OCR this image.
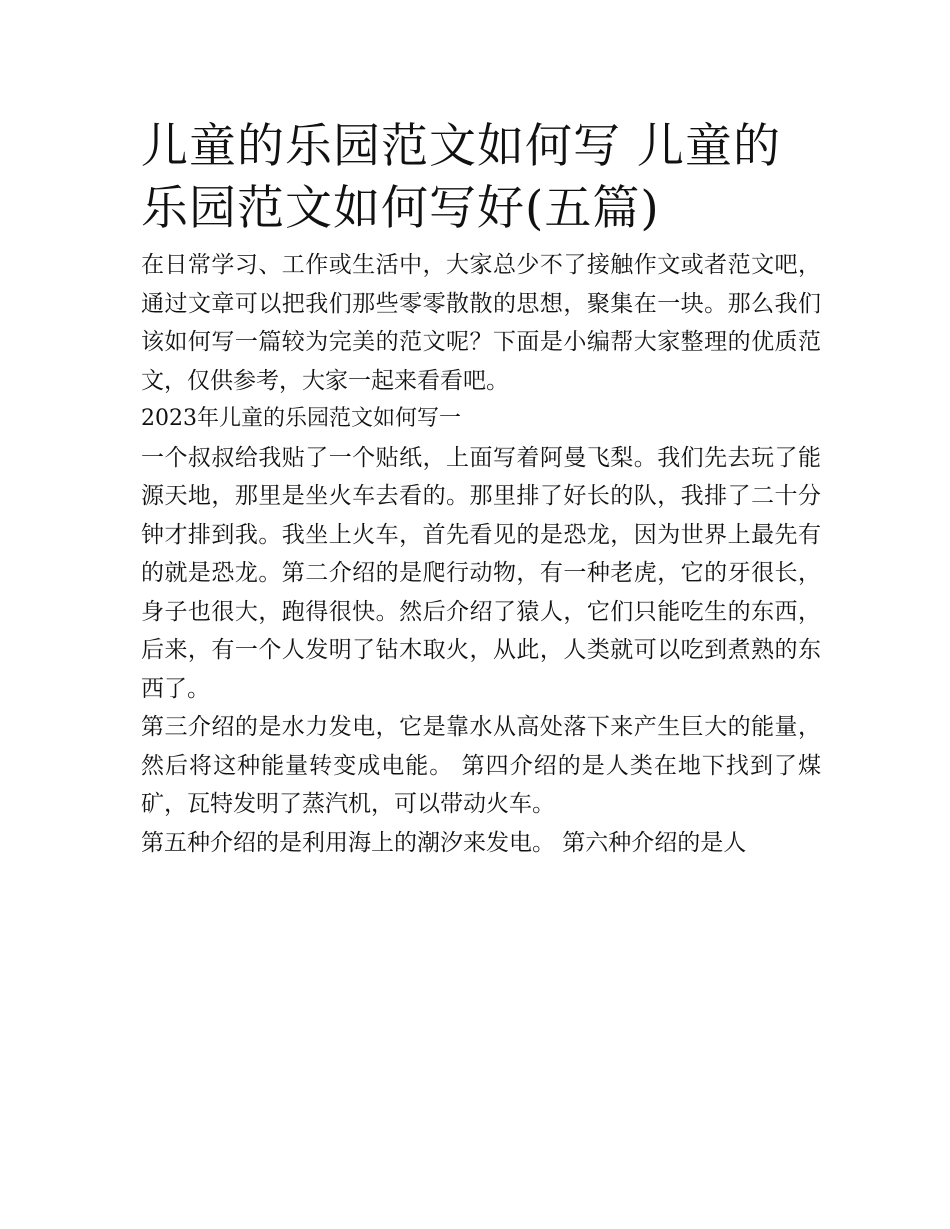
儿童的乐园范文如何写 儿童的乐园范文如何写好(五篇)

在日常学习、工作或生活中，大家总少不了接触作文或者范文吧，通过文章可以把我们那些零零散散的思想，聚集在一块。那么我们该如何写一篇较为完美的范文呢？下面是小编帮大家整理的优质范文，仅供参考，大家一起来看看吧。

2023年儿童的乐园范文如何写一

一个叔叔给我贴了一个贴纸，上面写着阿曼飞梨。我们先去玩了能源天地，那里是坐火车去看的。那里排了好长的队，我排了二十分钟才排到我。我坐上火车，首先看见的是恐龙，因为世界上最先有的就是恐龙。第二介绍的是爬行动物，有一种老虎，它的牙很长，身子也很大，跑得很快。然后介绍了猿人，它们只能吃生的东西，后来，有一个人发明了钻木取火，从此，人类就可以吃到煮熟的东西了。

第三介绍的是水力发电，它是靠水从高处落下来产生巨大的能量，然后将这种能量转变成电能。 第四介绍的是人类在地下找到了煤矿，瓦特发明了蒸汽机，可以带动火车。

第五种介绍的是利用海上的潮汐来发电。 第六种介绍的是人
